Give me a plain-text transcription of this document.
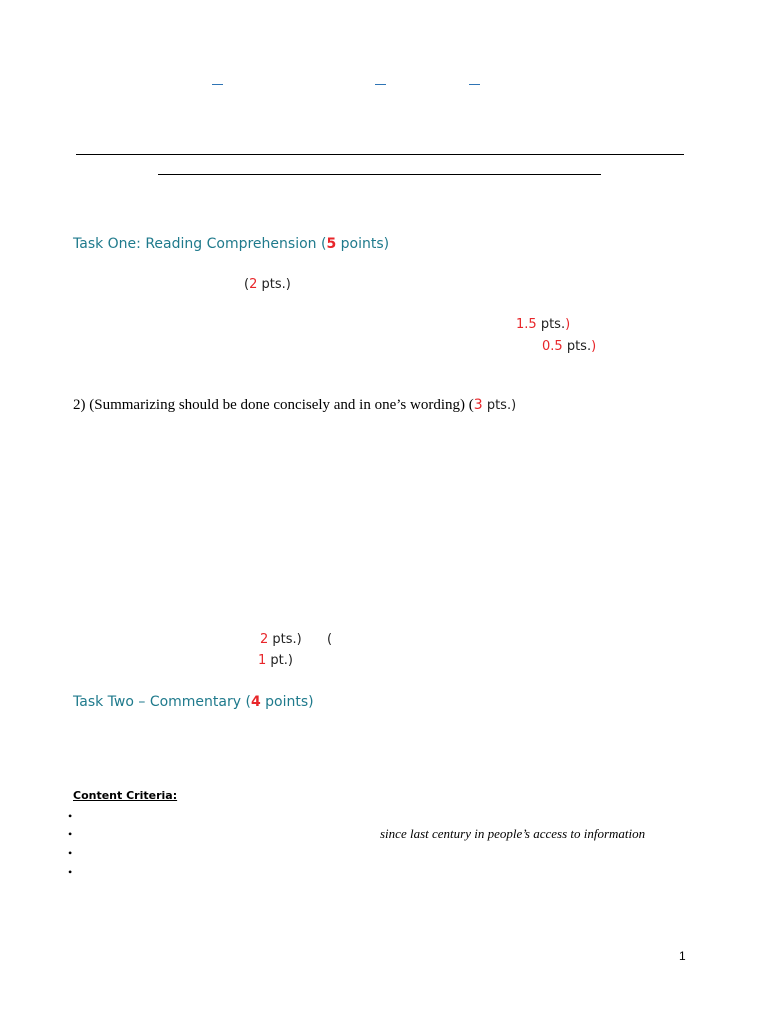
Task One: Reading Comprehension (5 points)
(2 pts.)
1.5 pts.)
0.5 pts.)
2) (Summarizing should be done concisely and in one’s wording) (3 pts.)
2 pts.) (
1 pt.)
Task Two – Commentary (4 points)
Content Criteria:
•
•	since last century in people’s access to information
•
•
1
